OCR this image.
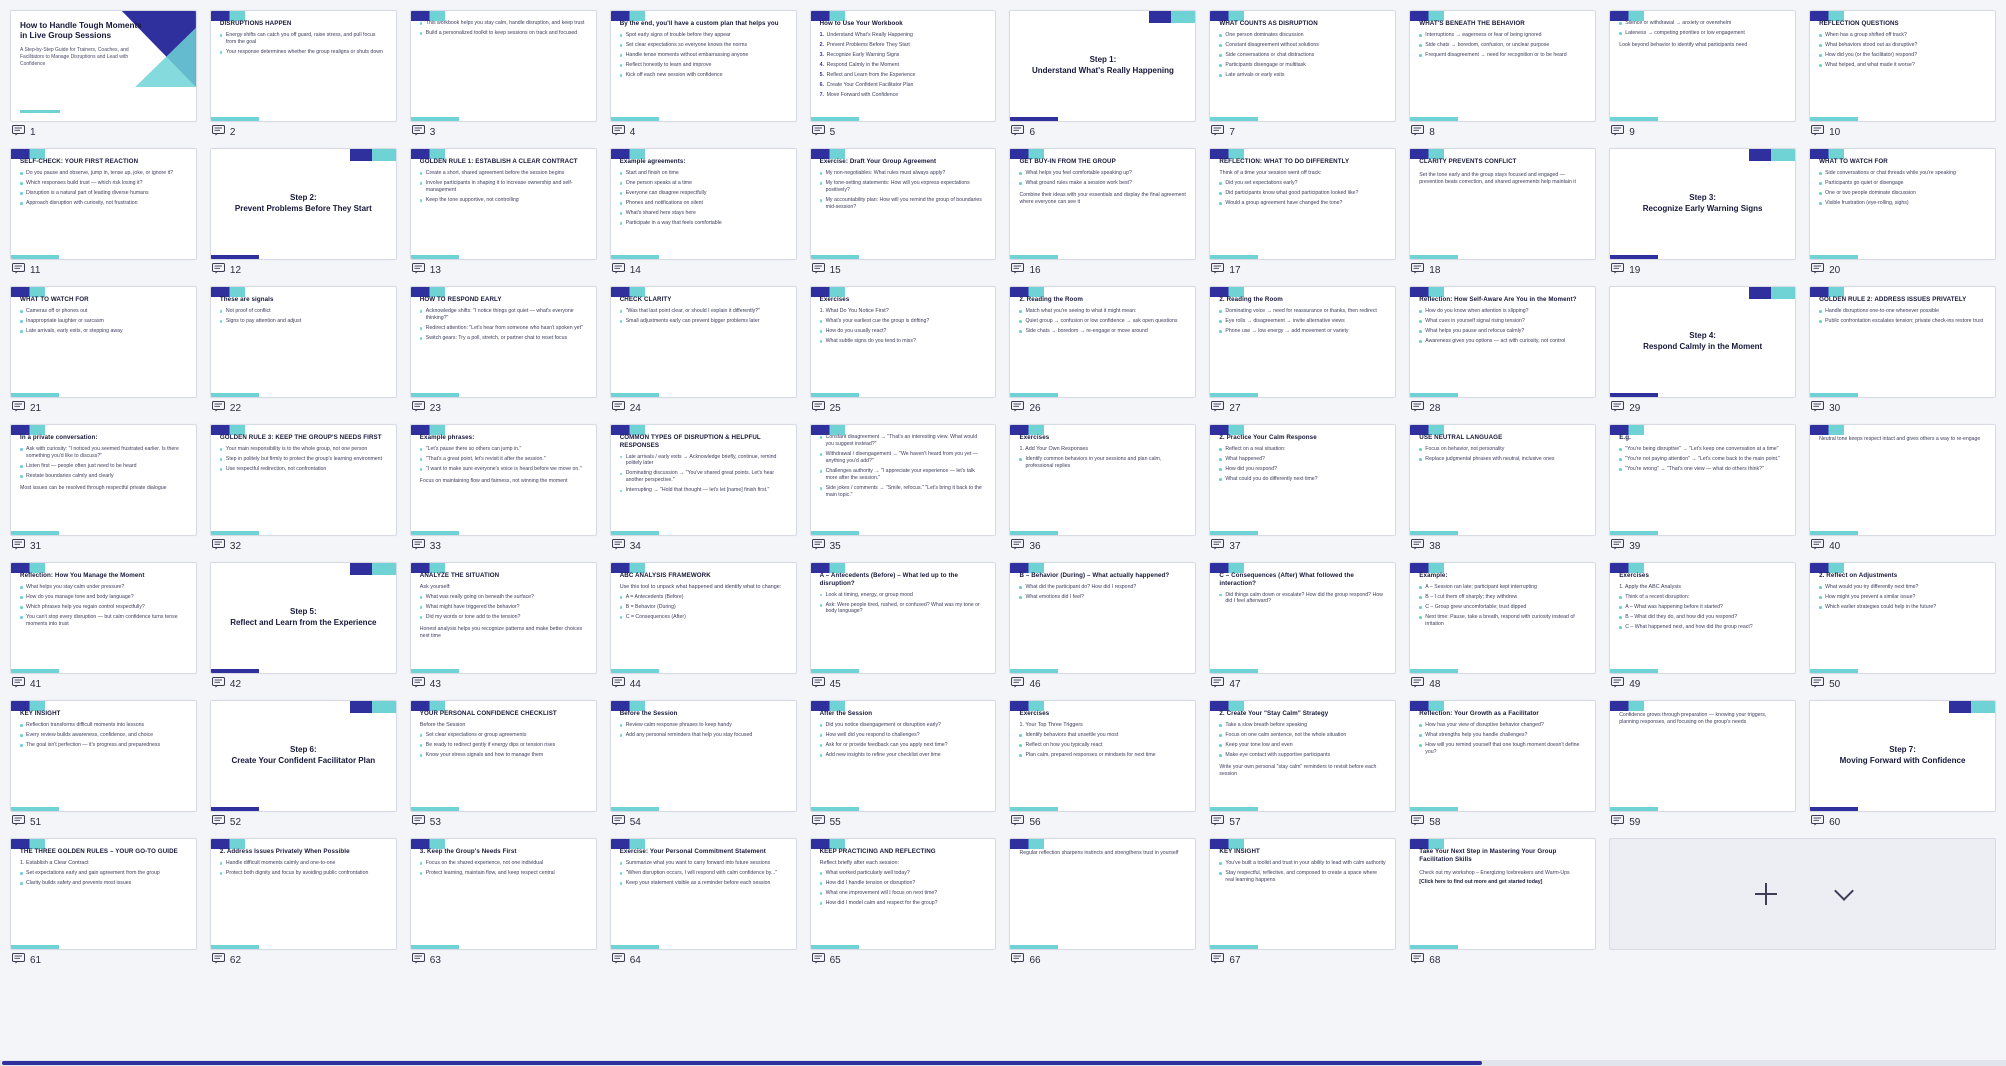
How to Handle Tough Moments in Live Group Sessions
A Step-by-Step Guide for Trainers, Coaches, and Facilitators to Manage Disruptions and Lead with Confidence
1
DISRUPTIONS HAPPEN
Energy shifts can catch you off guard, raise stress, and pull focus from the goal
Your response determines whether the group realigns or shuts down
2
This workbook helps you stay calm, handle disruption, and keep trust
Build a personalized toolkit to keep sessions on track and focused
3
By the end, you'll have a custom plan that helps you
Spot early signs of trouble before they appear
Set clear expectations so everyone knows the norms
Handle tense moments without embarrassing anyone
Reflect honestly to learn and improve
Kick off each new session with confidence
4
How to Use Your Workbook
Understand What's Really Happening
Prevent Problems Before They Start
Recognize Early Warning Signs
Respond Calmly in the Moment
Reflect and Learn from the Experience
Create Your Confident Facilitator Plan
Move Forward with Confidence
5
Step 1:
Understand What's Really Happening
6
WHAT COUNTS AS DISRUPTION
One person dominates discussion
Constant disagreement without solutions
Side conversations or chat distractions
Participants disengage or multitask
Late arrivals or early exits
7
WHAT'S BENEATH THE BEHAVIOR
Interruptions → eagerness or fear of being ignored
Side chats → boredom, confusion, or unclear purpose
Frequent disagreement → need for recognition or to be heard
8
Silence or withdrawal → anxiety or overwhelm
Lateness → competing priorities or low engagement
Look beyond behavior to identify what participants need
9
REFLECTION QUESTIONS
When has a group shifted off track?
What behaviors stood out as disruptive?
How did you (or the facilitator) respond?
What helped, and what made it worse?
10
SELF-CHECK: YOUR FIRST REACTION
Do you pause and observe, jump in, tense up, joke, or ignore it?
Which responses build trust — which risk losing it?
Disruption is a natural part of leading diverse humans
Approach disruption with curiosity, not frustration
11
Step 2:
Prevent Problems Before They Start
12
GOLDEN RULE 1: ESTABLISH A CLEAR CONTRACT
Create a short, shared agreement before the session begins
Involve participants in shaping it to increase ownership and self-management
Keep the tone supportive, not controlling
13
Example agreements:
Start and finish on time
One person speaks at a time
Everyone can disagree respectfully
Phones and notifications on silent
What's shared here stays here
Participate in a way that feels comfortable
14
Exercise: Draft Your Group Agreement
My non-negotiables: What rules must always apply?
My tone-setting statements: How will you express expectations positively?
My accountability plan: How will you remind the group of boundaries mid-session?
15
GET BUY-IN FROM THE GROUP
What helps you feel comfortable speaking up?
What ground rules make a session work best?
Combine their ideas with your essentials and display the final agreement where everyone can see it
16
REFLECTION: WHAT TO DO DIFFERENTLY
Think of a time your session went off track:
Did you set expectations early?
Did participants know what good participation looked like?
Would a group agreement have changed the tone?
17
CLARITY PREVENTS CONFLICT
Set the tone early and the group stays focused and engaged — prevention beats correction, and shared agreements help maintain it
18
Step 3:
Recognize Early Warning Signs
19
WHAT TO WATCH FOR
Side conversations or chat threads while you're speaking
Participants go quiet or disengage
One or two people dominate discussion
Visible frustration (eye-rolling, sighs)
20
WHAT TO WATCH FOR
Cameras off or phones out
Inappropriate laughter or sarcasm
Late arrivals, early exits, or stepping away
21
These are signals
Not proof of conflict
Signs to pay attention and adjust
22
HOW TO RESPOND EARLY
Acknowledge shifts: "I notice things got quiet — what's everyone thinking?"
Redirect attention: "Let's hear from someone who hasn't spoken yet"
Switch gears: Try a poll, stretch, or partner chat to reset focus
23
CHECK CLARITY
"Was that last point clear, or should I explain it differently?"
Small adjustments early can prevent bigger problems later
24
Exercises
1. What Do You Notice First?
What's your earliest cue the group is drifting?
How do you usually react?
What subtle signs do you tend to miss?
25
2. Reading the Room
Match what you're seeing to what it might mean:
Quiet group → confusion or low confidence → ask open questions
Side chats → boredom → re-engage or move around
26
2. Reading the Room
Dominating voice → need for reassurance or thanks, then redirect
Eye rolls → disagreement → invite alternative views
Phone use → low energy → add movement or variety
27
Reflection: How Self-Aware Are You in the Moment?
How do you know when attention is slipping?
What cues in yourself signal rising tension?
What helps you pause and refocus calmly?
Awareness gives you options — act with curiosity, not control
28
Step 4:
Respond Calmly in the Moment
29
GOLDEN RULE 2: ADDRESS ISSUES PRIVATELY
Handle disruptions one-to-one whenever possible
Public confrontation escalates tension; private check-ins restore trust
30
In a private conversation:
Ask with curiosity: "I noticed you seemed frustrated earlier. Is there something you'd like to discuss?"
Listen first — people often just need to be heard
Restate boundaries calmly and clearly
Most issues can be resolved through respectful private dialogue
31
GOLDEN RULE 3: KEEP THE GROUP'S NEEDS FIRST
Your main responsibility is to the whole group, not one person
Step in politely but firmly to protect the group's learning environment
Use respectful redirection, not confrontation
32
Example phrases:
"Let's pause there so others can jump in."
"That's a great point, let's revisit it after the session."
"I want to make sure everyone's voice is heard before we move on."
Focus on maintaining flow and fairness, not winning the moment
33
COMMON TYPES OF DISRUPTION & HELPFUL RESPONSES
Late arrivals / early exits → Acknowledge briefly, continue, remind politely later
Dominating discussion → "You've shared great points. Let's hear another perspective."
Interrupting → "Hold that thought — let's let [name] finish first."
34
Constant disagreement → "That's an interesting view. What would you suggest instead?"
Withdrawal / disengagement → "We haven't heard from you yet — anything you'd add?"
Challenges authority → "I appreciate your experience — let's talk more after the session."
Side jokes / comments → "Smile, refocus." "Let's bring it back to the main topic."
35
Exercises
1. Add Your Own Responses
Identify common behaviors in your sessions and plan calm, professional replies
36
2. Practice Your Calm Response
Reflect on a real situation:
What happened?
How did you respond?
What could you do differently next time?
37
USE NEUTRAL LANGUAGE
Focus on behavior, not personality
Replace judgmental phrases with neutral, inclusive ones
38
E.g.
"You're being disruptive" → "Let's keep one conversation at a time"
"You're not paying attention" → "Let's come back to the main point."
"You're wrong" → "That's one view — what do others think?"
39
Neutral tone keeps respect intact and gives others a way to re-engage
40
Reflection: How You Manage the Moment
What helps you stay calm under pressure?
How do you manage tone and body language?
Which phrases help you regain control respectfully?
You can't stop every disruption — but calm confidence turns tense moments into trust
41
Step 5:
Reflect and Learn from the Experience
42
ANALYZE THE SITUATION
Ask yourself:
What was really going on beneath the surface?
What might have triggered the behavior?
Did my words or tone add to the tension?
Honest analysis helps you recognize patterns and make better choices next time
43
ABC ANALYSIS FRAMEWORK
Use this tool to unpack what happened and identify what to change:
A = Antecedents (Before)
B = Behavior (During)
C = Consequences (After)
44
A – Antecedents (Before) – What led up to the disruption?
Look at timing, energy, or group mood
Ask: Were people tired, rushed, or confused? What was my tone or body language?
45
B – Behavior (During) – What actually happened?
What did the participant do? How did I respond?
What emotions did I feel?
46
C – Consequences (After) What followed the interaction?
Did things calm down or escalate? How did the group respond? How did I feel afterward?
47
Example:
A – Session ran late; participant kept interrupting
B – I cut them off sharply; they withdrew
C – Group grew uncomfortable; trust dipped
Next time: Pause, take a breath, respond with curiosity instead of irritation
48
Exercises
1. Apply the ABC Analysis
Think of a recent disruption:
A – What was happening before it started?
B – What did they do, and how did you respond?
C – What happened next, and how did the group react?
49
2. Reflect on Adjustments
What would you try differently next time?
How might you prevent a similar issue?
Which earlier strategies could help in the future?
50
KEY INSIGHT
Reflection transforms difficult moments into lessons
Every review builds awareness, confidence, and choice
The goal isn't perfection — it's progress and preparedness
51
Step 6:
Create Your Confident Facilitator Plan
52
YOUR PERSONAL CONFIDENCE CHECKLIST
Before the Session
Set clear expectations or group agreements
Be ready to redirect gently if energy dips or tension rises
Know your stress signals and how to manage them
53
Before the Session
Review calm response phrases to keep handy
Add any personal reminders that help you stay focused
54
After the Session
Did you notice disengagement or disruption early?
How well did you respond to challenges?
Ask for or provide feedback can you apply next time?
Add new insights to refine your checklist over time
55
Exercises
1. Your Top Three Triggers
Identify behaviors that unsettle you most
Reflect on how you typically react
Plan calm, prepared responses or mindsets for next time
56
2. Create Your "Stay Calm" Strategy
Take a slow breath before speaking
Focus on one calm sentence, not the whole situation
Keep your tone low and even
Make eye contact with supportive participants
Write your own personal "stay calm" reminders to revisit before each session
57
Reflection: Your Growth as a Facilitator
How has your view of disruptive behavior changed?
What strengths help you handle challenges?
How will you remind yourself that one tough moment doesn't define you?
58
Confidence grows through preparation — knowing your triggers, planning responses, and focusing on the group's needs
59
Step 7:
Moving Forward with Confidence
60
THE THREE GOLDEN RULES – YOUR GO-TO GUIDE
1. Establish a Clear Contract
Set expectations early and gain agreement from the group
Clarity builds safety and prevents most issues
61
2. Address Issues Privately When Possible
Handle difficult moments calmly and one-to-one
Protect both dignity and focus by avoiding public confrontation
62
3. Keep the Group's Needs First
Focus on the shared experience, not one individual
Protect learning, maintain flow, and keep respect central
63
Exercise: Your Personal Commitment Statement
Summarize what you want to carry forward into future sessions
"When disruption occurs, I will respond with calm confidence by..."
Keep your statement visible as a reminder before each session
64
KEEP PRACTICING AND REFLECTING
Reflect briefly after each session:
What worked particularly well today?
How did I handle tension or disruption?
What one improvement will I focus on next time?
How did I model calm and respect for the group?
65
Regular reflection sharpens instincts and strengthens trust in yourself
66
KEY INSIGHT
You've built a toolkit and trust in your ability to lead with calm authority
Stay respectful, reflective, and composed to create a space where real learning happens
67
Take Your Next Step in Mastering Your Group Facilitation Skills
Check out my workshop – Energizing Icebreakers and Warm-Ups
[Click here to find out more and get started today]
68
